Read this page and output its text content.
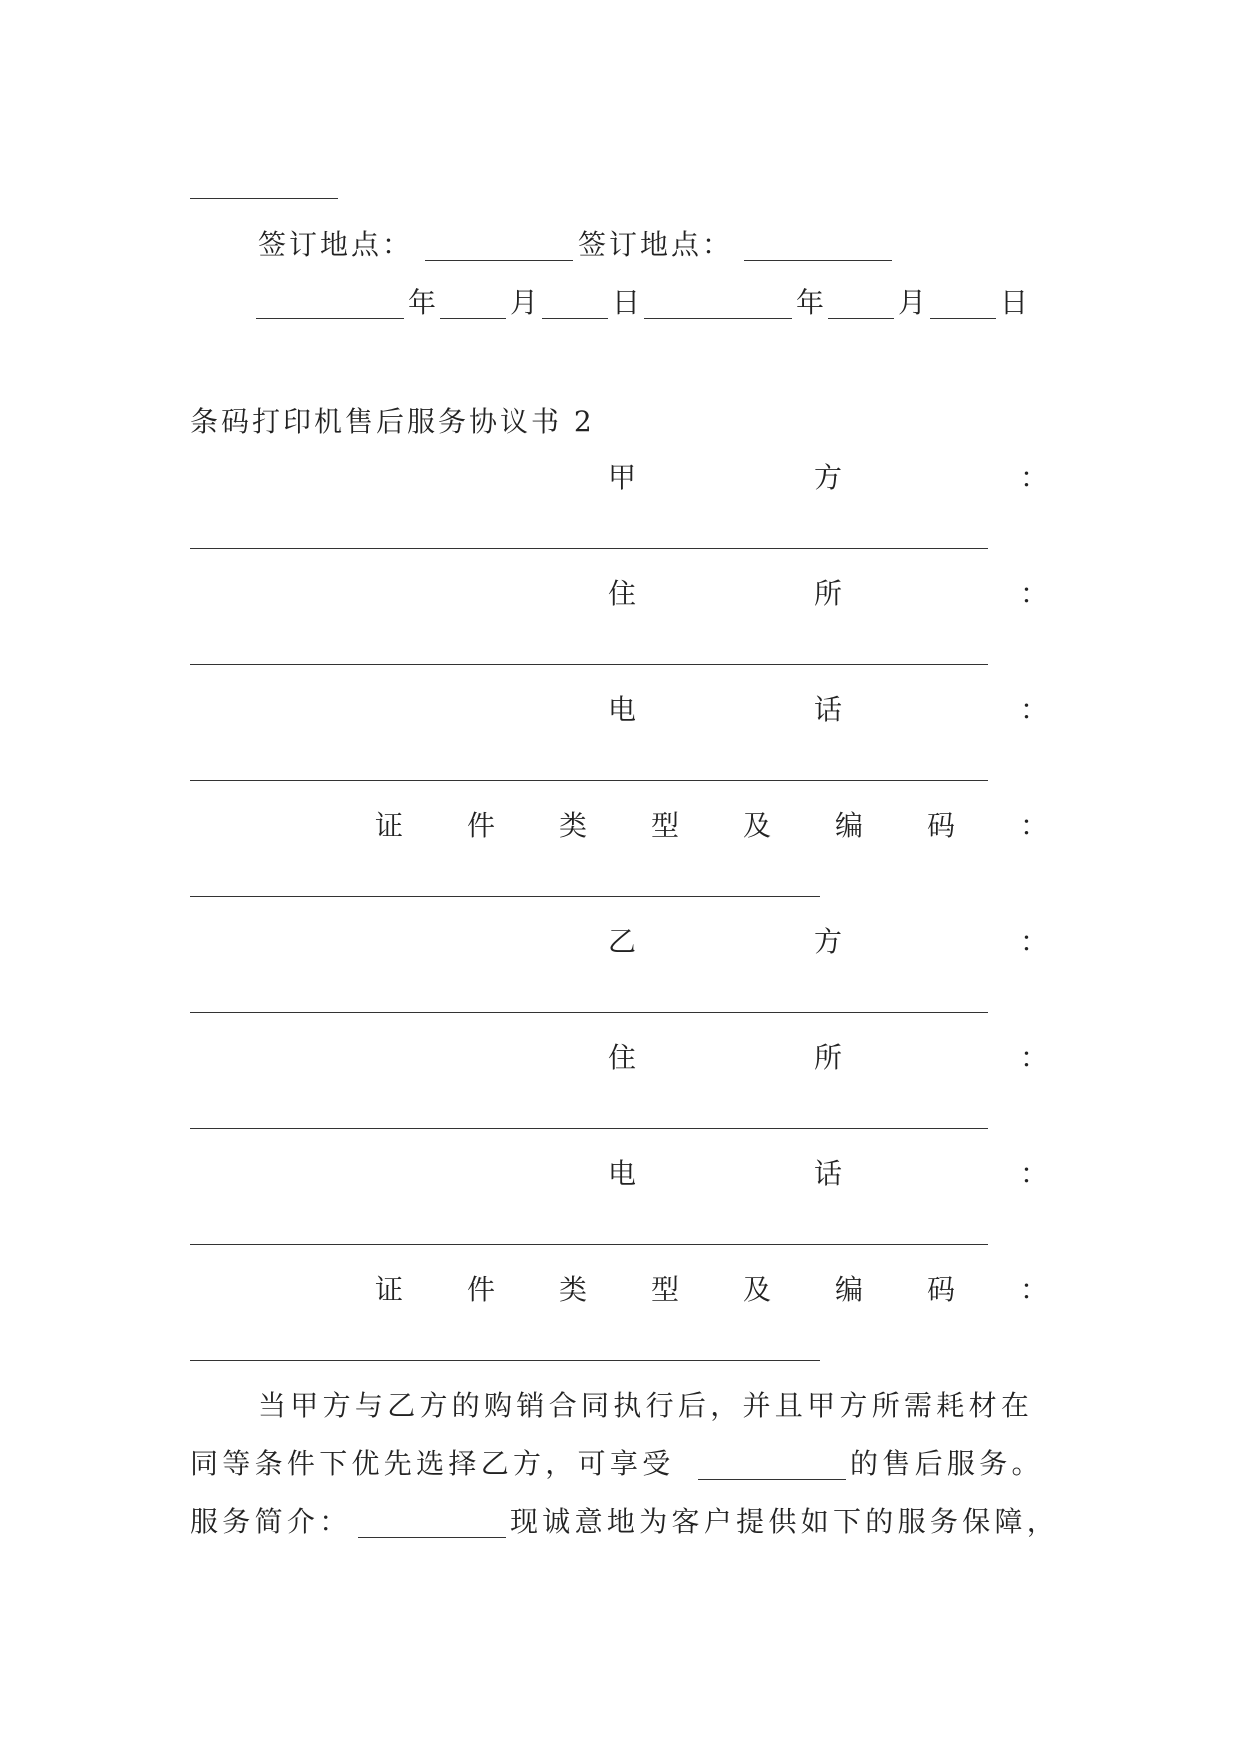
签订地点：	签订地点：
年	月	日	年	月	日
条码打印机售后服务协议书 2
甲	方	：
住	所	：
电	话	：
证 件 类 型 及 编 码 ：
乙	方	：
住	所	：
电	话	：
证 件 类 型 及 编 码 ：
当甲方与乙方的购销合同执行后，并且甲方所需耗材在
同等条件下优先选择乙方，可享受	的售后服务。
服务简介：	现诚意地为客户提供如下的服务保障，
